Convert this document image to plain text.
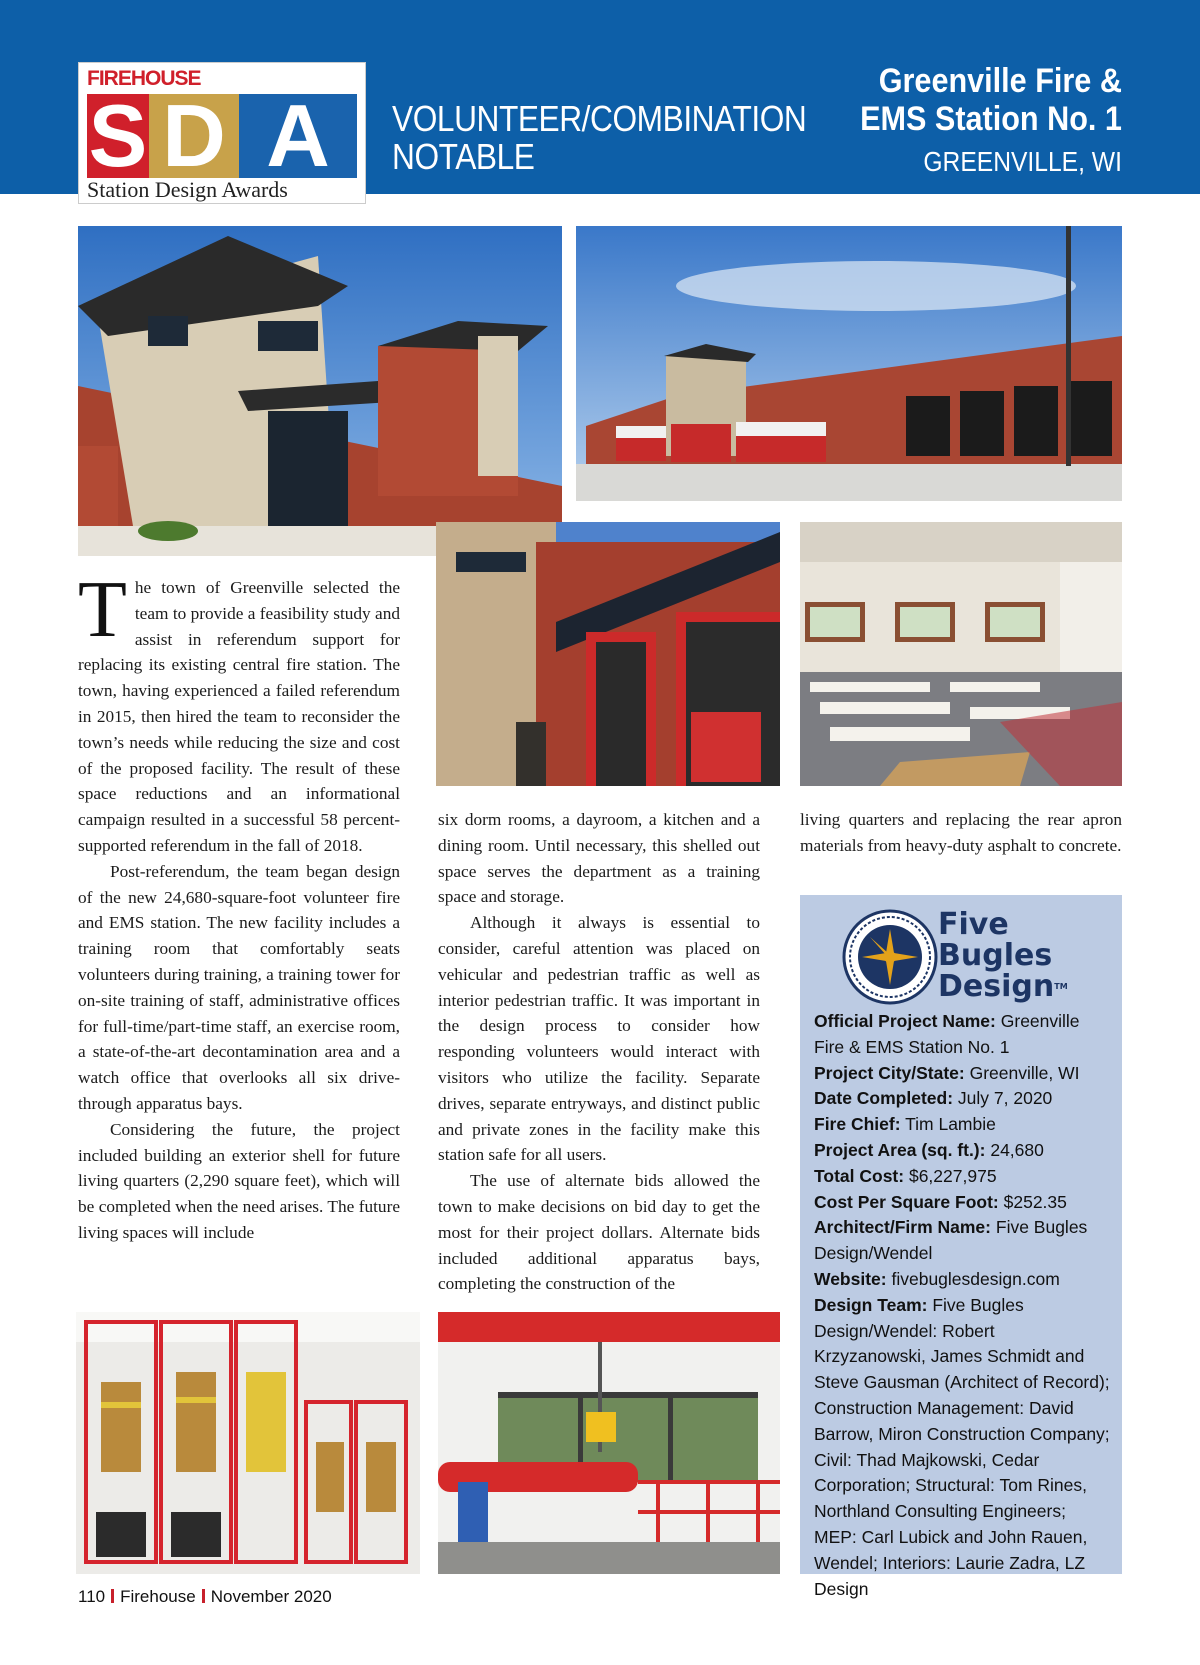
FIREHOUSE
S D A
Station Design Awards
VOLUNTEER/COMBINATION
NOTABLE
Greenville Fire &
EMS Station No. 1
GREENVILLE, WI

The town of Greenville selected the team to provide a feasibility study and assist in referendum support for replacing its existing central fire station. The town, having experienced a failed referendum in 2015, then hired the team to reconsider the town’s needs while reducing the size and cost of the proposed facility. The result of these space reductions and an informational campaign resulted in a successful 58 percent-supported referendum in the fall of 2018.

Post-referendum, the team began design of the new 24,680-square-foot volunteer fire and EMS station. The new facility includes a training room that comfortably seats volunteers during training, a training tower for on-site training of staff, administrative offices for full-time/part-time staff, an exercise room, a state-of-the-art decontamination area and a watch office that overlooks all six drive-through apparatus bays.

Considering the future, the project included building an exterior shell for future living quarters (2,290 square feet), which will be completed when the need arises. The future living spaces will include

six dorm rooms, a dayroom, a kitchen and a dining room. Until necessary, this shelled out space serves the department as a training space and storage.

Although it always is essential to consider, careful attention was placed on vehicular and pedestrian traffic as well as interior pedestrian traffic. It was important in the design process to consider how responding volunteers would interact with visitors who utilize the facility. Separate drives, separate entryways, and distinct public and private zones in the facility make this station safe for all users.

The use of alternate bids allowed the town to make decisions on bid day to get the most for their project dollars. Alternate bids included additional apparatus bays, completing the construction of the

living quarters and replacing the rear apron materials from heavy-duty asphalt to concrete.

Five
Bugles
DesignTM

Official Project Name: Greenville Fire & EMS Station No. 1

Project City/State: Greenville, WI

Date Completed: July 7, 2020

Fire Chief: Tim Lambie

Project Area (sq. ft.): 24,680

Total Cost: $6,227,975

Cost Per Square Foot: $252.35

Architect/Firm Name: Five Bugles Design/Wendel

Website: fivebuglesdesign.com

Design Team: Five Bugles Design/Wendel: Robert Krzyzanowski, James Schmidt and Steve Gausman (Architect of Record); Construction Management: David Barrow, Miron Construction Company; Civil: Thad Majkowski, Cedar Corporation; Structural: Tom Rines, Northland Consulting Engineers; MEP: Carl Lubick and John Rauen, Wendel; Interiors: Laurie Zadra, LZ Design

110 Firehouse November 2020
